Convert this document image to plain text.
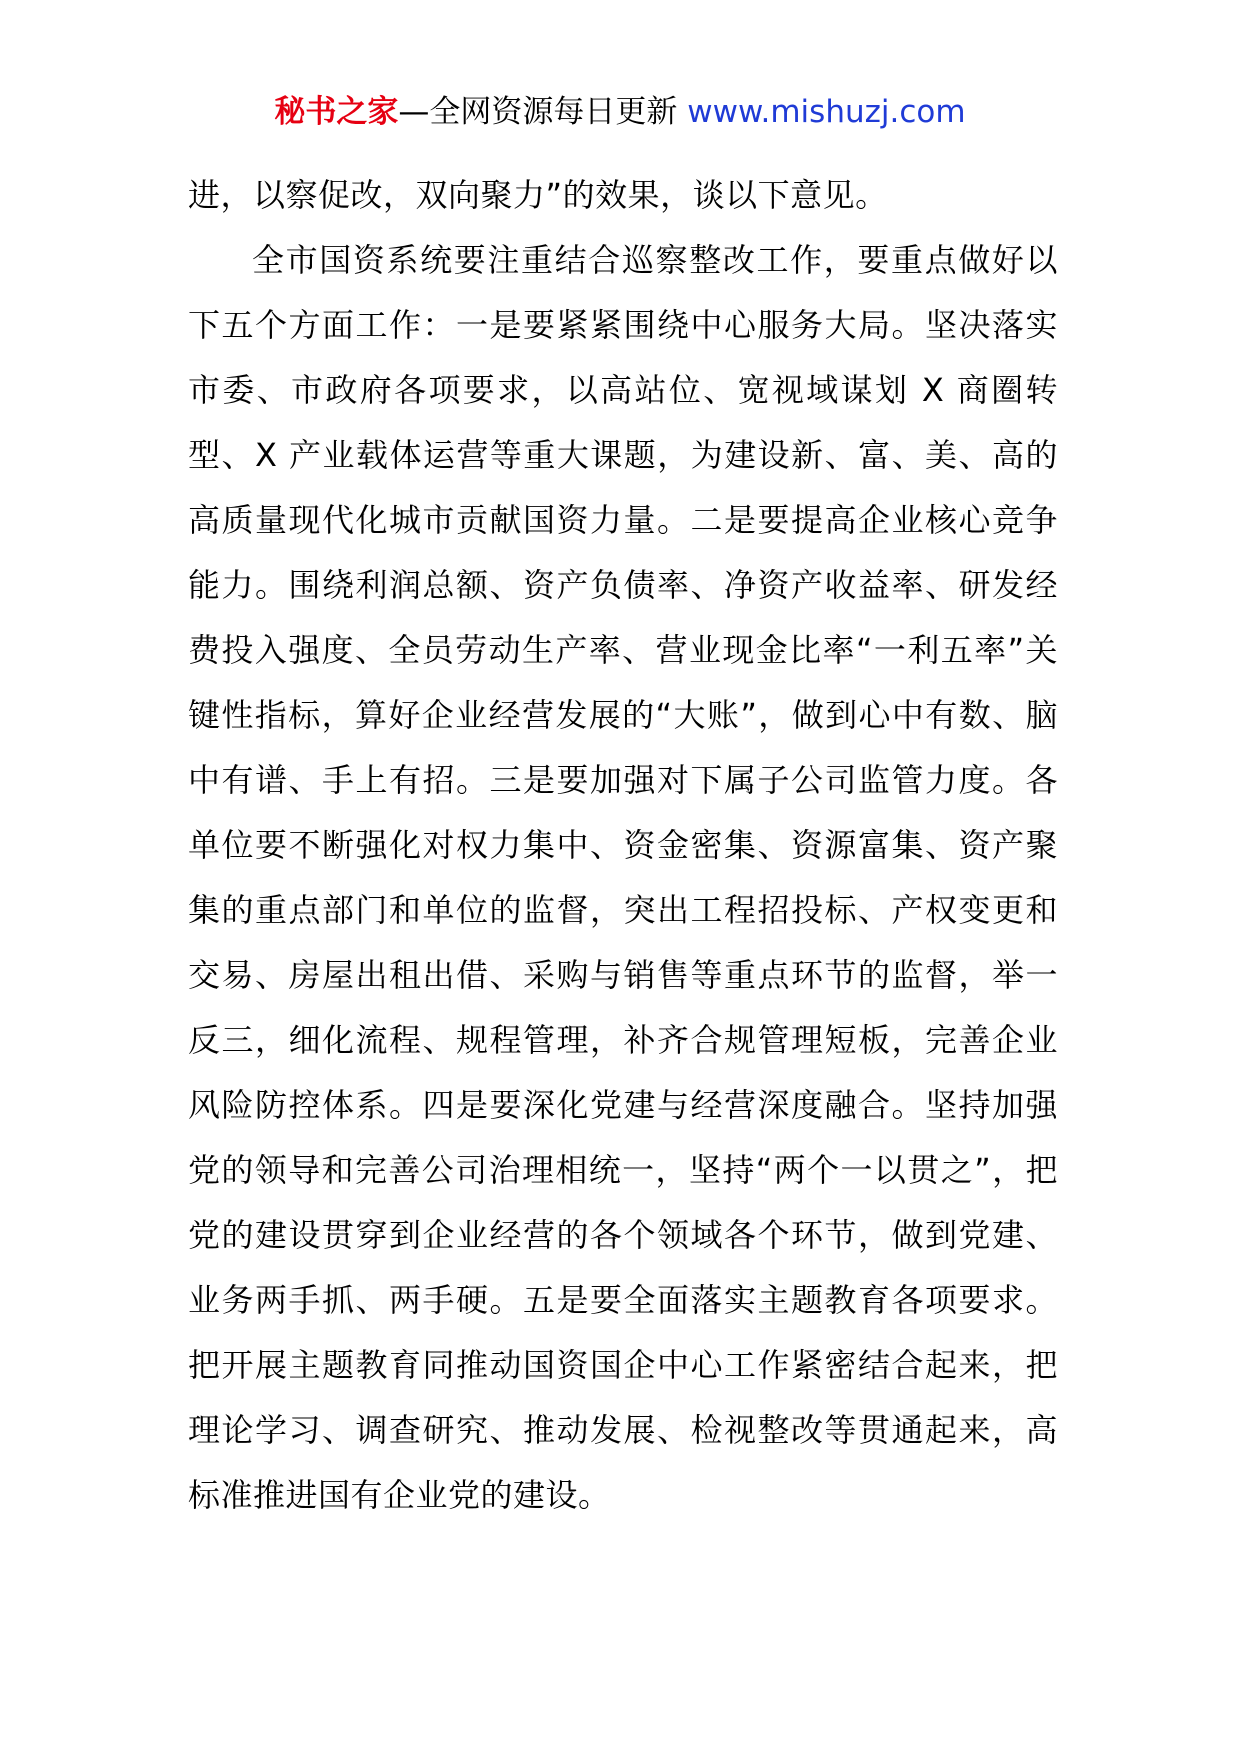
秘书之家—全网资源每日更新 www.mishuzj.com

进，以察促改，双向聚力”的效果，谈以下意见。

全市国资系统要注重结合巡察整改工作，要重点做好以下五个方面工作：一是要紧紧围绕中心服务大局。坚决落实市委、市政府各项要求，以高站位、宽视域谋划 X 商圈转型、X 产业载体运营等重大课题，为建设新、富、美、高的高质量现代化城市贡献国资力量。二是要提高企业核心竞争能力。围绕利润总额、资产负债率、净资产收益率、研发经费投入强度、全员劳动生产率、营业现金比率“一利五率”关键性指标，算好企业经营发展的“大账”，做到心中有数、脑中有谱、手上有招。三是要加强对下属子公司监管力度。各单位要不断强化对权力集中、资金密集、资源富集、资产聚集的重点部门和单位的监督，突出工程招投标、产权变更和交易、房屋出租出借、采购与销售等重点环节的监督，举一反三，细化流程、规程管理，补齐合规管理短板，完善企业风险防控体系。四是要深化党建与经营深度融合。坚持加强党的领导和完善公司治理相统一，坚持“两个一以贯之”，把党的建设贯穿到企业经营的各个领域各个环节，做到党建、业务两手抓、两手硬。五是要全面落实主题教育各项要求。把开展主题教育同推动国资国企中心工作紧密结合起来，把理论学习、调查研究、推动发展、检视整改等贯通起来，高标准推进国有企业党的建设。
